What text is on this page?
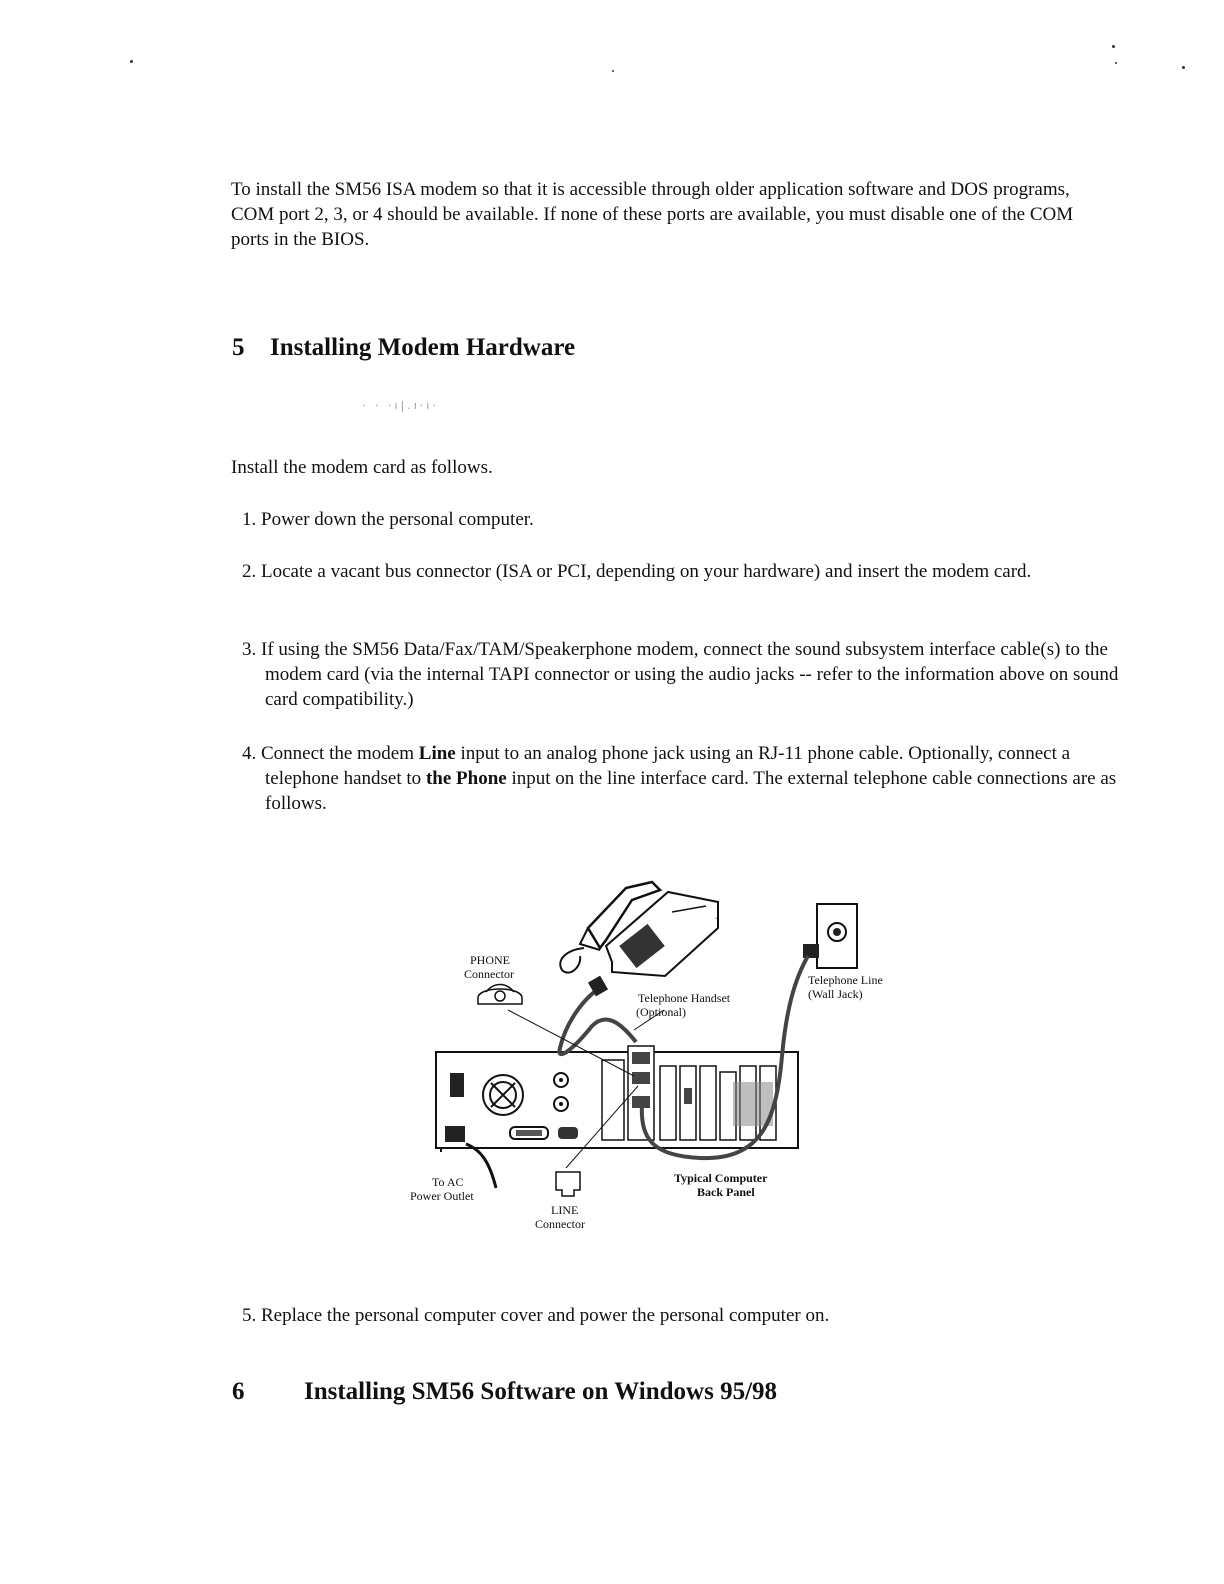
· · ·ı|.ı·ı·

To install the SM56 ISA modem so that it is accessible through older application software and DOS programs, COM port 2, 3, or 4 should be available. If none of these ports are available, you must disable one of the COM ports in the BIOS.

5 Installing Modem Hardware

Install the modem card as follows.

1. Power down the personal computer.

2. Locate a vacant bus connector (ISA or PCI, depending on your hardware) and insert the modem card.

3. If using the SM56 Data/Fax/TAM/Speakerphone modem, connect the sound subsystem interface cable(s) to the modem card (via the internal TAPI connector or using the audio jacks -- refer to the information above on sound card compatibility.)

4. Connect the modem Line input to an analog phone jack using an RJ-11 phone cable. Optionally, connect a telephone handset to the Phone input on the line interface card. The external telephone cable connections are as follows.

PHONE
Connector
Telephone Handset
(Optional)
Telephone Line
(Wall Jack)
To AC
Power Outlet
LINE
Connector
Typical Computer
Back Panel

5. Replace the personal computer cover and power the personal computer on.

6 Installing SM56 Software on Windows 95/98
